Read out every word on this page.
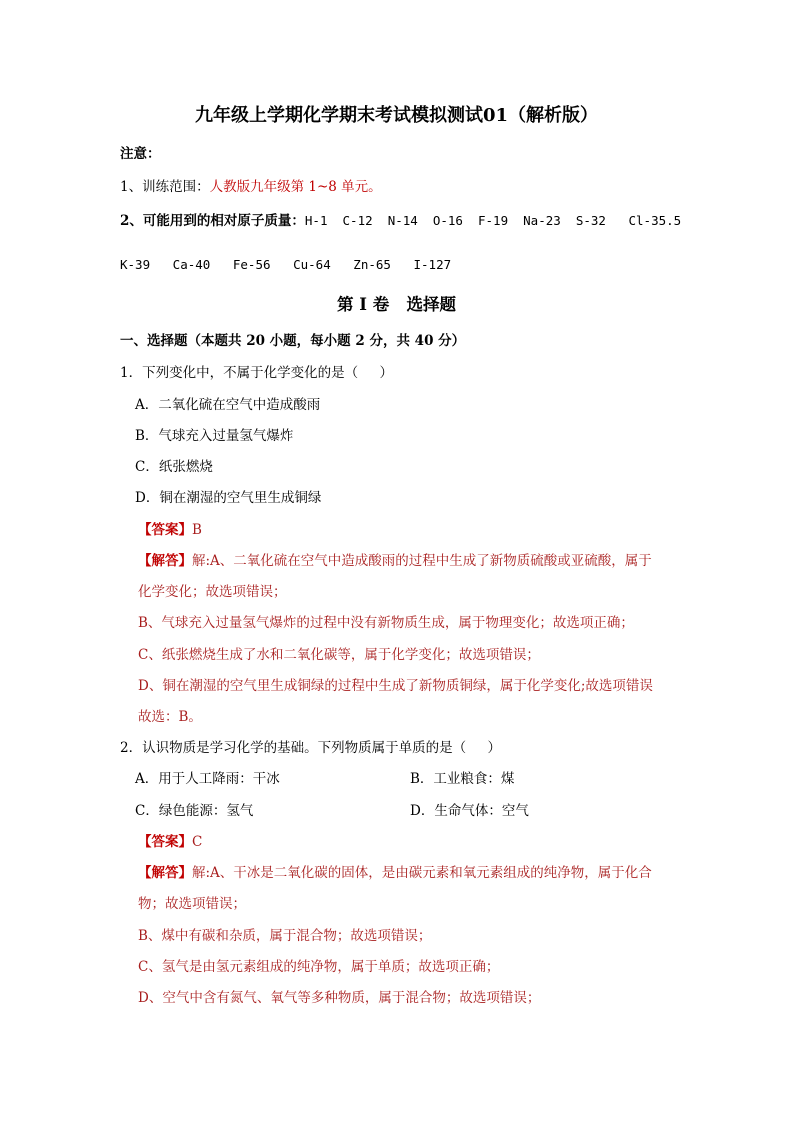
九年级上学期化学期末考试模拟测试01（解析版）
注意：
1、训练范围：人教版九年级第 1~8 单元。
2、可能用到的相对原子质量：H-1  C-12  N-14  O-16  F-19  Na-23  S-32   Cl-35.5
K-39   Ca-40   Fe-56   Cu-64   Zn-65   I-127
第 I 卷   选择题
一、选择题（本题共 20 小题，每小题 2 分，共 40 分）
1．下列变化中，不属于化学变化的是（     ）
A．二氧化硫在空气中造成酸雨
B．气球充入过量氢气爆炸
C．纸张燃烧
D．铜在潮湿的空气里生成铜绿
【答案】B
【解答】解:A、二氧化硫在空气中造成酸雨的过程中生成了新物质硫酸或亚硫酸，属于
化学变化；故选项错误；
B、气球充入过量氢气爆炸的过程中没有新物质生成，属于物理变化；故选项正确；
C、纸张燃烧生成了水和二氧化碳等，属于化学变化；故选项错误；
D、铜在潮湿的空气里生成铜绿的过程中生成了新物质铜绿，属于化学变化;故选项错误
故选：B。
2．认识物质是学习化学的基础。下列物质属于单质的是（     ）
A．用于人工降雨：干冰	B．工业粮食：煤
C．绿色能源：氢气	D．生命气体：空气
【答案】C
【解答】解:A、干冰是二氧化碳的固体，是由碳元素和氧元素组成的纯净物，属于化合
物；故选项错误；
B、煤中有碳和杂质，属于混合物；故选项错误；
C、氢气是由氢元素组成的纯净物，属于单质；故选项正确；
D、空气中含有氮气、氧气等多种物质，属于混合物；故选项错误；
